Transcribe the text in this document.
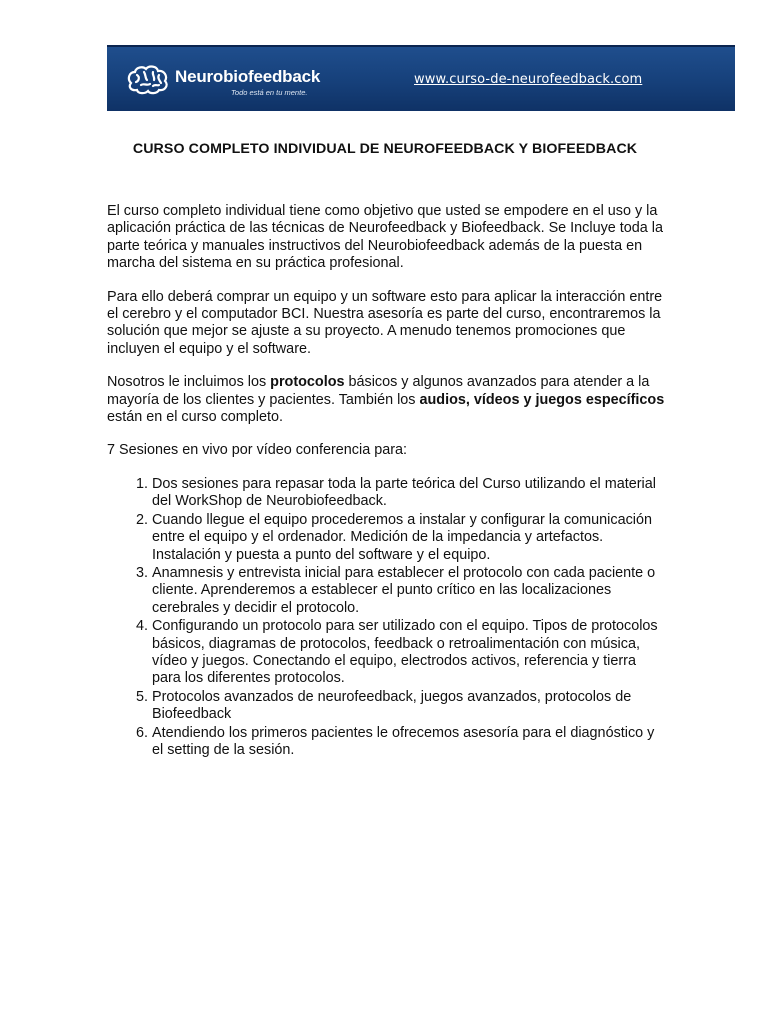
Neurobiofeedback
Todo está en tu mente.
www.curso-de-neurofeedback.com
CURSO COMPLETO INDIVIDUAL DE NEUROFEEDBACK Y BIOFEEDBACK

El curso completo individual tiene como objetivo que usted se empodere en el uso y la aplicación práctica de las técnicas de Neurofeedback y Biofeedback. Se Incluye toda la parte teórica y manuales instructivos del Neurobiofeedback además de la puesta en marcha del sistema en su práctica profesional.

Para ello deberá comprar un equipo y un software esto para aplicar la interacción entre el cerebro y el computador BCI. Nuestra asesoría es parte del curso, encontraremos la solución que mejor se ajuste a su proyecto. A menudo tenemos promociones que incluyen el equipo y el software.

Nosotros le incluimos los protocolos básicos y algunos avanzados para atender a la mayoría de los clientes y pacientes. También los audios, vídeos y juegos específicos están en el curso completo.

7 Sesiones en vivo por vídeo conferencia para:

1. Dos sesiones para repasar toda la parte teórica del Curso utilizando el material del WorkShop de Neurobiofeedback.
2. Cuando llegue el equipo procederemos a instalar y configurar la comunicación entre el equipo y el ordenador. Medición de la impedancia y artefactos. Instalación y puesta a punto del software y el equipo.
3. Anamnesis y entrevista inicial para establecer el protocolo con cada paciente o cliente. Aprenderemos a establecer el punto crítico en las localizaciones cerebrales y decidir el protocolo.
4. Configurando un protocolo para ser utilizado con el equipo. Tipos de protocolos básicos, diagramas de protocolos, feedback o retroalimentación con música, vídeo y juegos. Conectando el equipo, electrodos activos, referencia y tierra para los diferentes protocolos.
5. Protocolos avanzados de neurofeedback, juegos avanzados, protocolos de Biofeedback
6. Atendiendo los primeros pacientes le ofrecemos asesoría para el diagnóstico y el setting de la sesión.
